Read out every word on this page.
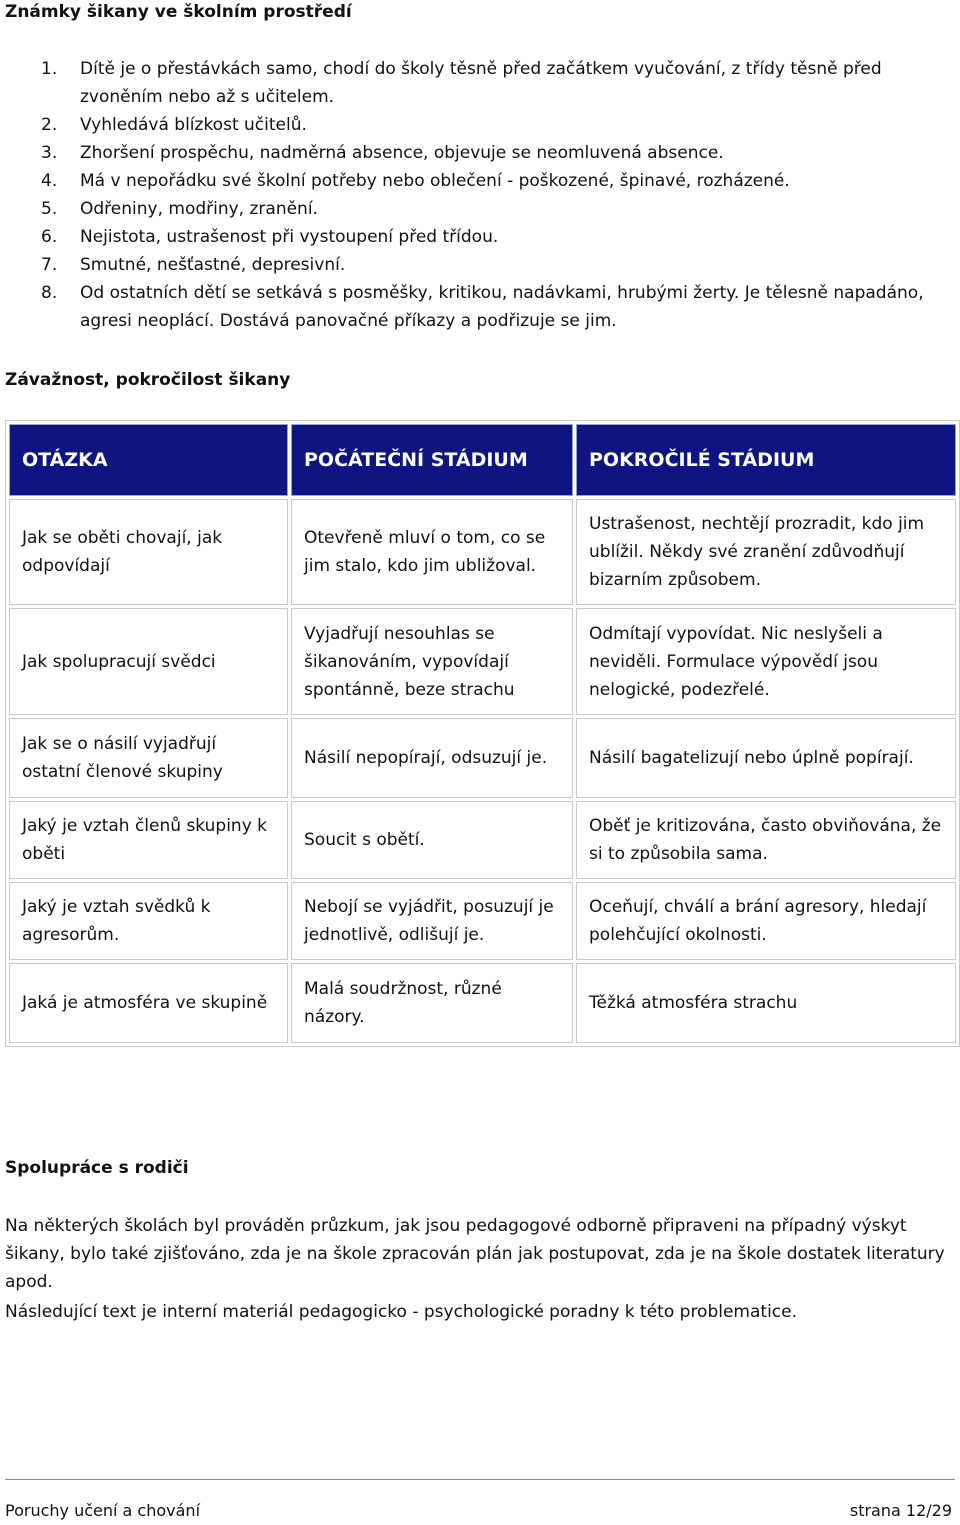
Známky šikany ve školním prostředí
1. Dítě je o přestávkách samo, chodí do školy těsně před začátkem vyučování, z třídy těsně před zvoněním nebo až s učitelem.
2. Vyhledává blízkost učitelů.
3. Zhoršení prospěchu, nadměrná absence, objevuje se neomluvená absence.
4. Má v nepořádku své školní potřeby nebo oblečení - poškozené, špinavé, rozházené.
5. Odřeniny, modřiny, zranění.
6. Nejistota, ustrašenost při vystoupení před třídou.
7. Smutné, nešťastné, depresivní.
8. Od ostatních dětí se setkává s posměšky, kritikou, nadávkami, hrubými žerty. Je tělesně napadáno, agresi neoplácí. Dostává panovačné příkazy a podřizuje se jim.
Závažnost, pokročilost šikany
OTÁZKA	POČÁTEČNÍ STÁDIUM	POKROČILÉ STÁDIUM
Jak se oběti chovají, jak odpovídají	Otevřeně mluví o tom, co se jim stalo, kdo jim ubližoval.	Ustrašenost, nechtějí prozradit, kdo jim ublížil. Někdy své zranění zdůvodňují bizarním způsobem.
Jak spolupracují svědci	Vyjadřují nesouhlas se šikanováním, vypovídají spontánně, beze strachu	Odmítají vypovídat. Nic neslyšeli a neviděli. Formulace výpovědí jsou nelogické, podezřelé.
Jak se o násilí vyjadřují ostatní členové skupiny	Násilí nepopírají, odsuzují je.	Násilí bagatelizují nebo úplně popírají.
Jaký je vztah členů skupiny k oběti	Soucit s obětí.	Oběť je kritizována, často obviňována, že si to způsobila sama.
Jaký je vztah svědků k agresorům.	Nebojí se vyjádřit, posuzují je jednotlivě, odlišují je.	Oceňují, chválí a brání agresory, hledají polehčující okolnosti.
Jaká je atmosféra ve skupině	Malá soudržnost, různé názory.	Těžká atmosféra strachu
Spolupráce s rodiči

Na některých školách byl prováděn průzkum, jak jsou pedagogové odborně připraveni na případný výskyt šikany, bylo také zjišťováno, zda je na škole zpracován plán jak postupovat, zda je na škole dostatek literatury apod.

Následující text je interní materiál pedagogicko - psychologické poradny k této problematice.

Poruchy učení a chování	strana 12/29
